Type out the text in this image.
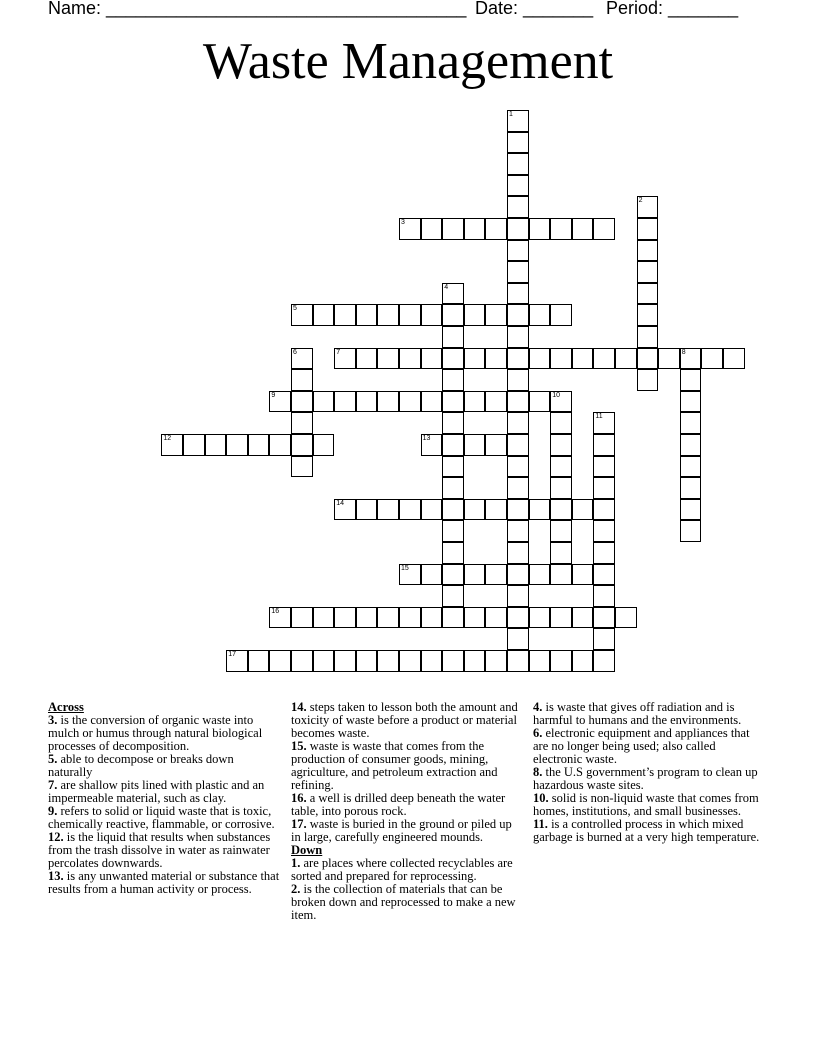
Name: ____________________________________ Date: _______ Period: _______
Waste Management
1
2
3
4
5
6	7	8
9	10
11
12	13
14
15
16
17

Across

3. is the conversion of organic waste into mulch or humus through natural biological processes of decomposition.

5. able to decompose or breaks down naturally

7. are shallow pits lined with plastic and an impermeable material, such as clay.

9. refers to solid or liquid waste that is toxic, chemically reactive, flammable, or corrosive.

12. is the liquid that results when substances from the trash dissolve in water as rainwater percolates downwards.

13. is any unwanted material or substance that results from a human activity or process.

14. steps taken to lesson both the amount and toxicity of waste before a product or material becomes waste.

15. waste is waste that comes from the production of consumer goods, mining, agriculture, and petroleum extraction and refining.

16. a well is drilled deep beneath the water table, into porous rock.

17. waste is buried in the ground or piled up in large, carefully engineered mounds.

Down

1. are places where collected recyclables are sorted and prepared for reprocessing.

2. is the collection of materials that can be broken down and reprocessed to make a new item.

4. is waste that gives off radiation and is harmful to humans and the environments.

6. electronic equipment and appliances that are no longer being used; also called electronic waste.

8. the U.S government’s program to clean up hazardous waste sites.

10. solid is non-liquid waste that comes from homes, institutions, and small businesses.

11. is a controlled process in which mixed garbage is burned at a very high temperature.
